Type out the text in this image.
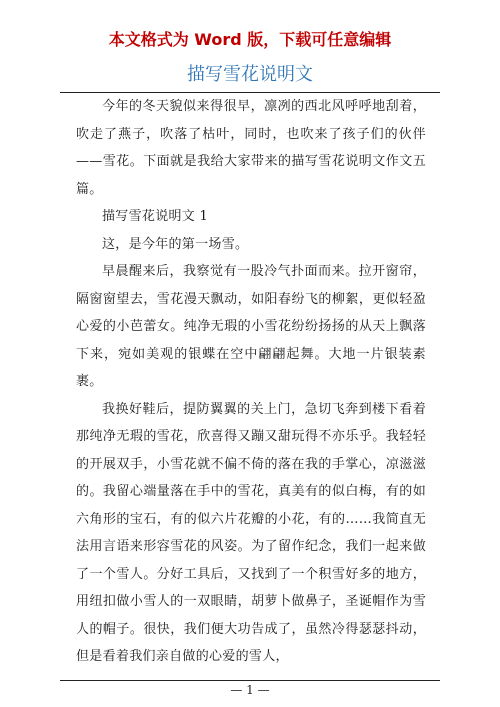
本文格式为 Word 版，下载可任意编辑
描写雪花说明文

今年的冬天貌似来得很早，凛冽的西北风呼呼地刮着，吹走了燕子，吹落了枯叶，同时，也吹来了孩子们的伙伴——雪花。下面就是我给大家带来的描写雪花说明文作文五篇。

描写雪花说明文 1

这，是今年的第一场雪。

早晨醒来后，我察觉有一股冷气扑面而来。拉开窗帘，隔窗窗望去，雪花漫天飘动，如阳春纷飞的柳絮，更似轻盈心爱的小芭蕾女。纯净无瑕的小雪花纷纷扬扬的从天上飘落下来，宛如美观的银蝶在空中翩翩起舞。大地一片银装素裹。

我换好鞋后，提防翼翼的关上门，急切飞奔到楼下看着那纯净无瑕的雪花，欣喜得又蹦又甜玩得不亦乐乎。我轻轻的开展双手，小雪花就不偏不倚的落在我的手掌心，凉滋滋的。我留心端量落在手中的雪花，真美有的似白梅，有的如六角形的宝石，有的似六片花瓣的小花，有的……我简直无法用言语来形容雪花的风姿。为了留作纪念，我们一起来做了一个雪人。分好工具后，又找到了一个积雪好多的地方，用纽扣做小雪人的一双眼睛，胡萝卜做鼻子，圣诞帽作为雪人的帽子。很快，我们便大功告成了，虽然冷得瑟瑟抖动，但是看着我们亲自做的心爱的雪人，

— 1 —
